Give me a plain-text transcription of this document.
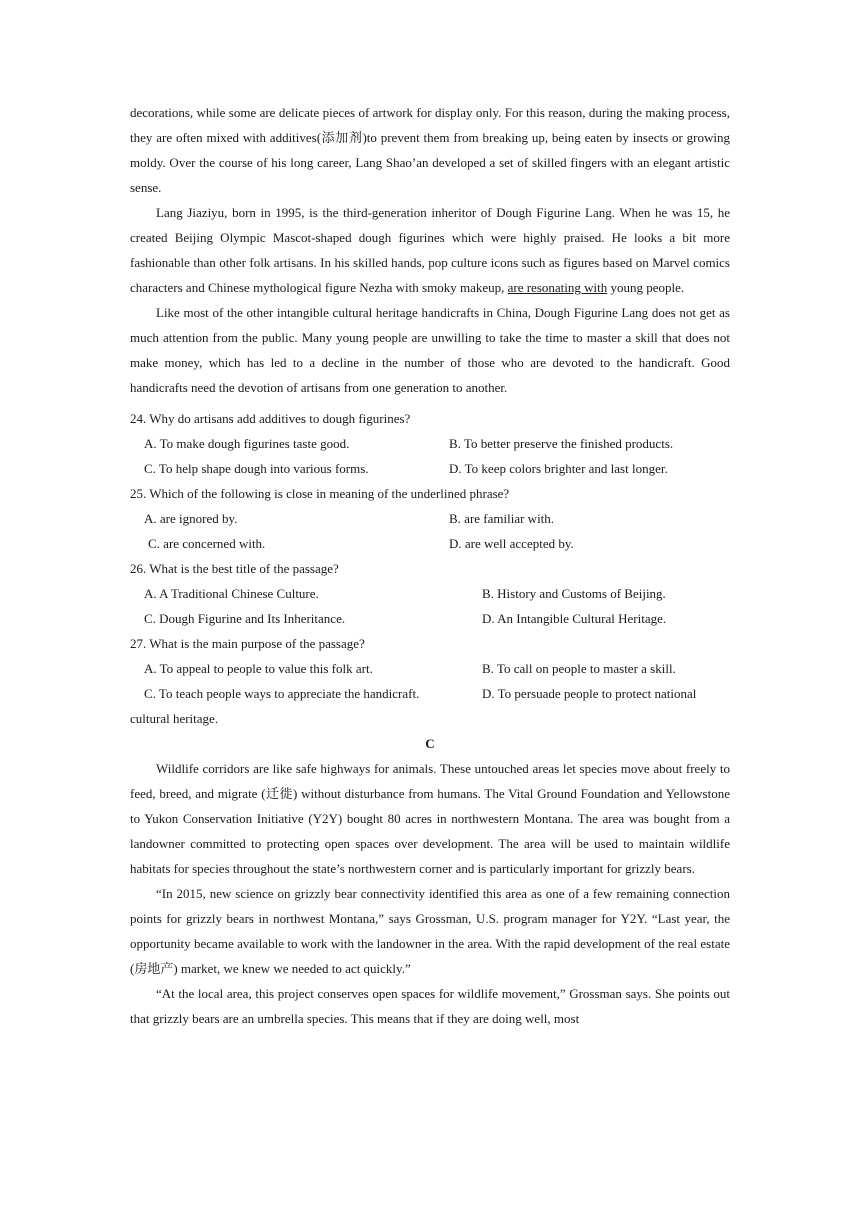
decorations, while some are delicate pieces of artwork for display only. For this reason, during the making process, they are often mixed with additives(添加剂)to prevent them from breaking up, being eaten by insects or growing moldy. Over the course of his long career, Lang Shao’an developed a set of skilled fingers with an elegant artistic sense.

Lang Jiaziyu, born in 1995, is the third-generation inheritor of Dough Figurine Lang. When he was 15, he created Beijing Olympic Mascot-shaped dough figurines which were highly praised. He looks a bit more fashionable than other folk artisans. In his skilled hands, pop culture icons such as figures based on Marvel comics characters and Chinese mythological figure Nezha with smoky makeup, are resonating with young people.

Like most of the other intangible cultural heritage handicrafts in China, Dough Figurine Lang does not get as much attention from the public. Many young people are unwilling to take the time to master a skill that does not make money, which has led to a decline in the number of those who are devoted to the handicraft. Good handicrafts need the devotion of artisans from one generation to another.

24. Why do artisans add additives to dough figurines?
A. To make dough figurines taste good.	B. To better preserve the finished products.
C. To help shape dough into various forms.	D. To keep colors brighter and last longer.
25. Which of the following is close in meaning of the underlined phrase?
A. are ignored by.	B. are familiar with.
C. are concerned with.	D. are well accepted by.
26. What is the best title of the passage?
A. A Traditional Chinese Culture.	B. History and Customs of Beijing.
C. Dough Figurine and Its Inheritance.	D. An Intangible Cultural Heritage.
27. What is the main purpose of the passage?
A. To appeal to people to value this folk art.	B. To call on people to master a skill.
C. To teach people ways to appreciate the handicraft.	D. To persuade people to protect national
cultural heritage.
C

Wildlife corridors are like safe highways for animals. These untouched areas let species move about freely to feed, breed, and migrate (迁徙) without disturbance from humans. The Vital Ground Foundation and Yellowstone to Yukon Conservation Initiative (Y2Y) bought 80 acres in northwestern Montana. The area was bought from a landowner committed to protecting open spaces over development. The area will be used to maintain wildlife habitats for species throughout the state’s northwestern corner and is particularly important for grizzly bears.

“In 2015, new science on grizzly bear connectivity identified this area as one of a few remaining connection points for grizzly bears in northwest Montana,” says Grossman, U.S. program manager for Y2Y. “Last year, the opportunity became available to work with the landowner in the area. With the rapid development of the real estate (房地产) market, we knew we needed to act quickly.”

“At the local area, this project conserves open spaces for wildlife movement,” Grossman says. She points out that grizzly bears are an umbrella species. This means that if they are doing well, most
